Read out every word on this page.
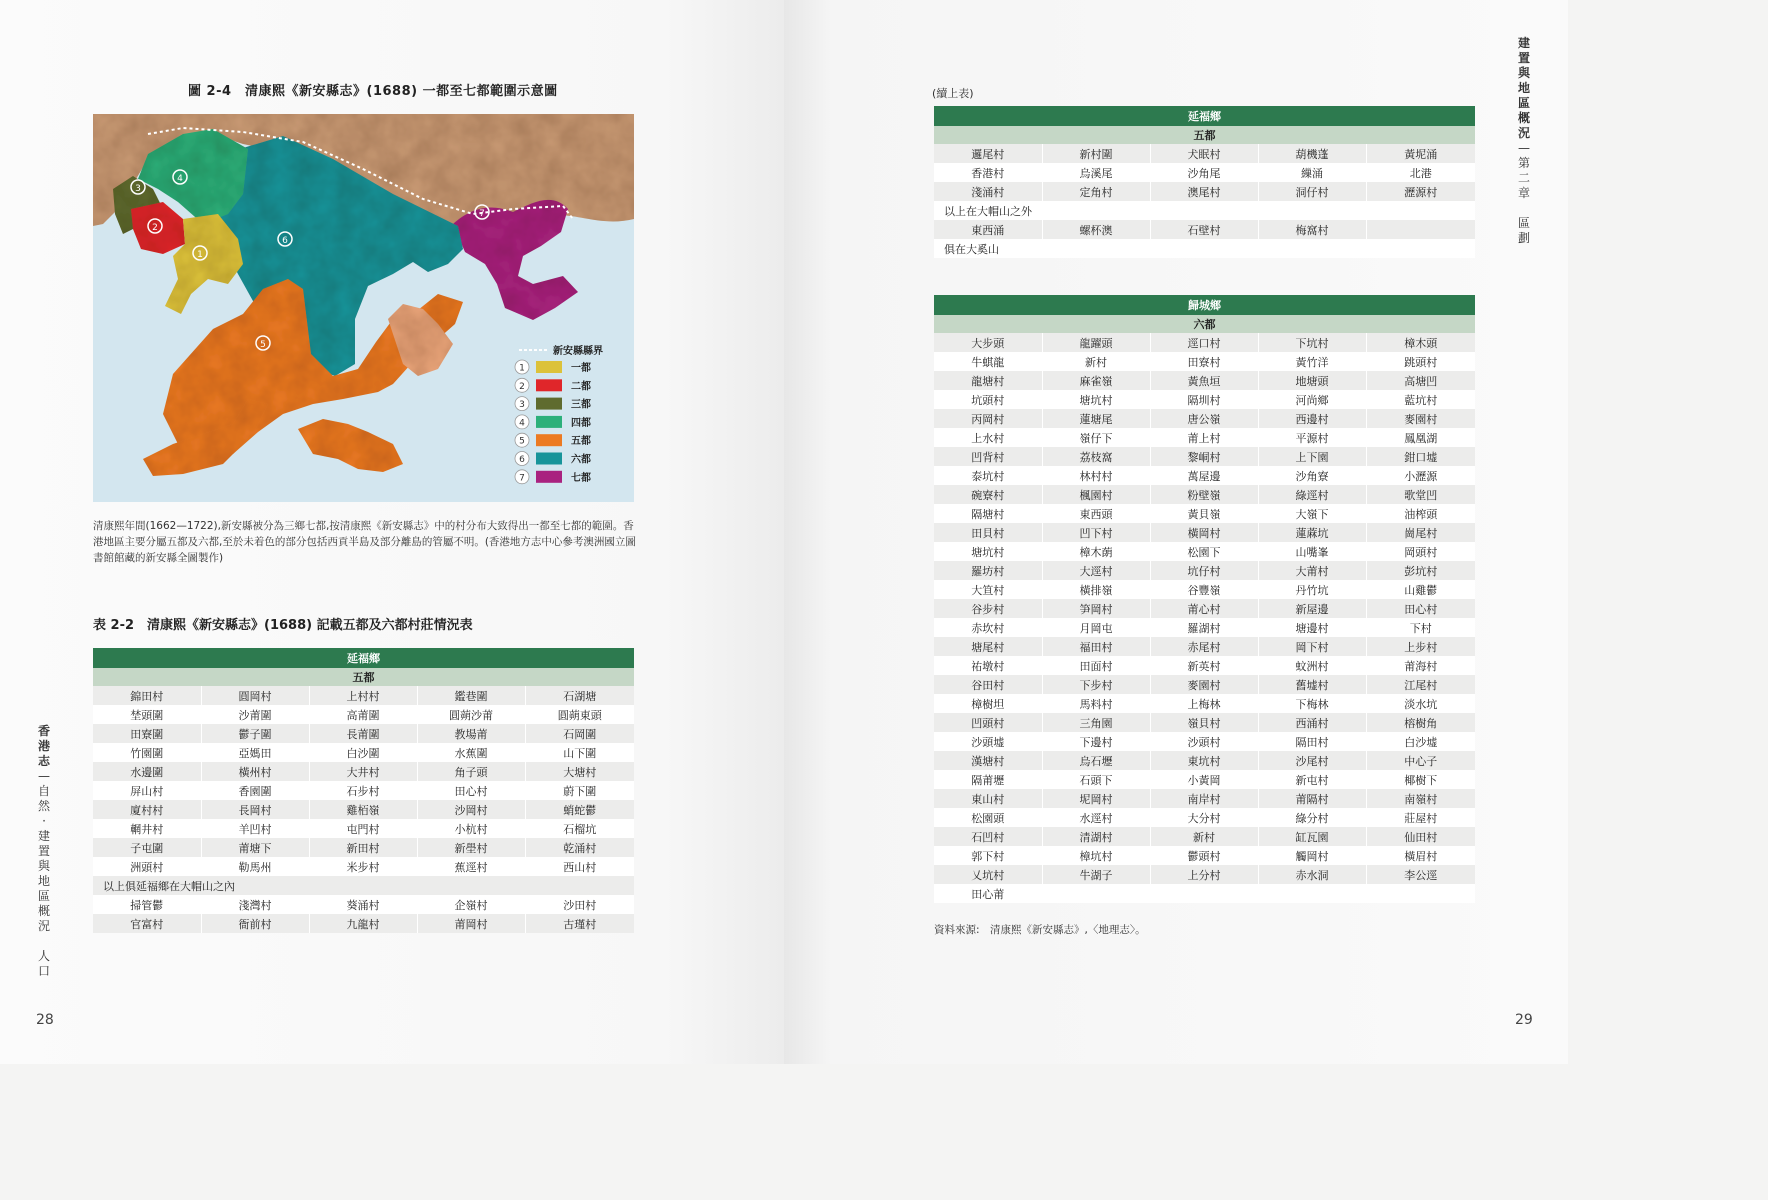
圖 2-4　清康熙《新安縣志》(1688) 一都至七都範圍示意圖
1
2
3
4
5
6
7
新安縣縣界
1	一都
2	二都
3	三都
4	四都
5	五都
6	六都
7	七都
清康熙年間(1662—1722),新安縣被分為三鄉七都,按清康熙《新安縣志》中的村分布大致得出一都至七都的範圍。香港地區主要分屬五都及六都,至於未着色的部分包括西貢半島及部分離島的管屬不明。(香港地方志中心參考澳洲國立圖書館館藏的新安縣全圖製作)
表 2-2　清康熙《新安縣志》(1688) 記載五都及六都村莊情況表
延福鄉				
五都				
錦田村	圓岡村	上村村	鑑巷圍	石湖塘
埜頭圍	沙莆圍	高莆圍	圓蒴沙莆	圓蒴東頭
田寮圍	鬱子圍	長莆圍	教場莆	石岡圍
竹園圍	亞媽田	白沙圍	水蕉圍	山下圍
水邊圍	橫州村	大井村	角子頭	大塘村
屏山村	香園圍	石步村	田心村	蔚下圍
廈村村	長岡村	雞栢嶺	沙岡村	蛸蛇鬱
輞井村	羊凹村	屯門村	小杭村	石榴坑
子屯圍	莆塘下	新田村	新壆村	乾涌村
洲頭村	勒馬州	米步村	蕉逕村	西山村
以上俱延福鄉在大帽山之內				
掃管鬱	淺灣村	葵涌村	企嶺村	沙田村
官富村	衙前村	九龍村	莆岡村	古瑾村
香
港
志
—
自
然
·
建
置
與
地
區
概
況

人
口
28
(續上表)
延福鄉				
五都				
邏尾村	新村圍	犬眠村	葫機蓬	黃坭涌
香港村	烏溪尾	沙角尾	繅涌	北港
淺涌村	定角村	澳尾村	洞仔村	瀝源村
以上在大帽山之外				
東西涌	螺杯澳	石壁村	梅窩村	
俱在大奚山				
歸城鄉				
六都				
大步頭	龍躍頭	逕口村	下坑村	樟木頭
牛蜞龍	新村	田寮村	黃竹洋	跳頭村
龍塘村	麻雀嶺	黃魚垣	地塘頭	高塘凹
坑頭村	塘坑村	隔圳村	河尚鄉	藍坑村
丙岡村	蓮塘尾	唐公嶺	西邊村	麥園村
上水村	嶺仔下	莆上村	平源村	鳳凰湖
凹背村	荔枝窩	黎峒村	上下園	鉗口墟
泰坑村	林村村	萬屋邊	沙角寮	小瀝源
碗寮村	楓園村	粉壁嶺	綠逕村	歌堂凹
隔塘村	東西頭	黃貝嶺	大嶺下	油榨頭
田貝村	凹下村	橫岡村	蓮蔴坑	崗尾村
塘坑村	樟木蓢	松園下	山嘴峯	岡頭村
羅坊村	大逕村	坑仔村	大莆村	彭坑村
大笪村	橫排嶺	谷豐嶺	丹竹坑	山雞鬱
谷步村	笋岡村	莆心村	新屋邊	田心村
赤坎村	月岡屯	羅湖村	塘邊村	下村
塘尾村	福田村	赤尾村	岡下村	上步村
祐墩村	田面村	新英村	蚊洲村	莆海村
谷田村	下步村	麥園村	舊墟村	江尾村
樟樹坦	馬料村	上梅林	下梅林	淡水坑
凹頭村	三角園	嶺貝村	西涌村	榕樹角
沙頭墟	下邊村	沙頭村	隔田村	白沙墟
漢塘村	烏石壢	東坑村	沙尾村	中心子
隔莆壢	石頭下	小黃岡	新屯村	椰樹下
東山村	坭岡村	南岸村	莆隔村	南嶺村
松園頭	水逕村	大分村	綠分村	莊屋村
石凹村	清湖村	新村	缸瓦園	仙田村
郭下村	樟坑村	鬱頭村	觸岡村	橫眉村
乂坑村	牛湖子	上分村	赤水洞	李公逕
田心莆				
資料來源:　清康熙《新安縣志》,〈地理志〉。
建
置
與
地
區
概
況
—
第
二
章

區
劃
29
